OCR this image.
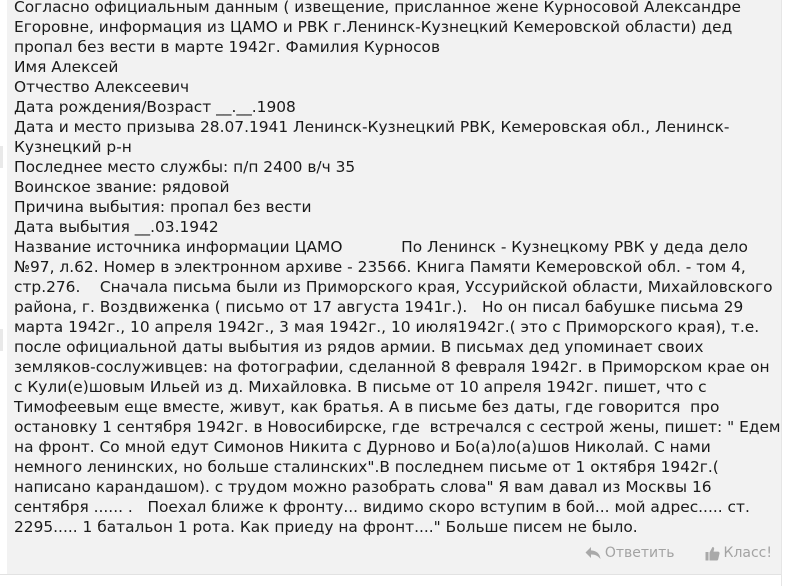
Согласно официальным данным ( извещение, присланное жене Курносовой Александре
Егоровне, информация из ЦАМО и РВК г.Ленинск-Кузнецкий Кемеровской области) дед
пропал без вести в марте 1942г. Фамилия Курносов
Имя Алексей
Отчество Алексеевич
Дата рождения/Возраст __.__.1908
Дата и место призыва 28.07.1941 Ленинск-Кузнецкий РВК, Кемеровская обл., Ленинск-
Кузнецкий р-н
Последнее место службы: п/п 2400 в/ч 35
Воинское звание: рядовой
Причина выбытия: пропал без вести
Дата выбытия __.03.1942
Название источника информации ЦАМО            По Ленинск - Кузнецкому РВК у деда дело
№97, л.62. Номер в электронном архиве - 23566. Книга Памяти Кемеровской обл. - том 4,
стр.276.    Сначала письма были из Приморского края, Уссурийской области, Михайловского
района, г. Воздвиженка ( письмо от 17 августа 1941г.).   Но он писал бабушке письма 29
марта 1942г., 10 апреля 1942г., 3 мая 1942г., 10 июля1942г.( это с Приморского края), т.е.
после официальной даты выбытия из рядов армии. В письмах дед упоминает своих
земляков-сослуживцев: на фотографии, сделанной 8 февраля 1942г. в Приморском крае он
с Кули(е)шовым Ильей из д. Михайловка. В письме от 10 апреля 1942г. пишет, что с
Тимофеевым еще вместе, живут, как братья. А в письме без даты, где говорится  про
остановку 1 сентября 1942г. в Новосибирске, где  встречался с сестрой жены, пишет: " Едем
на фронт. Со мной едут Симонов Никита с Дурново и Бо(а)ло(а)шов Николай. С нами
немного ленинских, но больше сталинских".В последнем письме от 1 октября 1942г.(
написано карандашом). с трудом можно разобрать слова" Я вам давал из Москвы 16
сентября ...... .   Поехал ближе к фронту... видимо скоро вступим в бой... мой адрес..... ст.
2295..... 1 батальон 1 рота. Как приеду на фронт...." Больше писем не было.
Ответить	Класс!
